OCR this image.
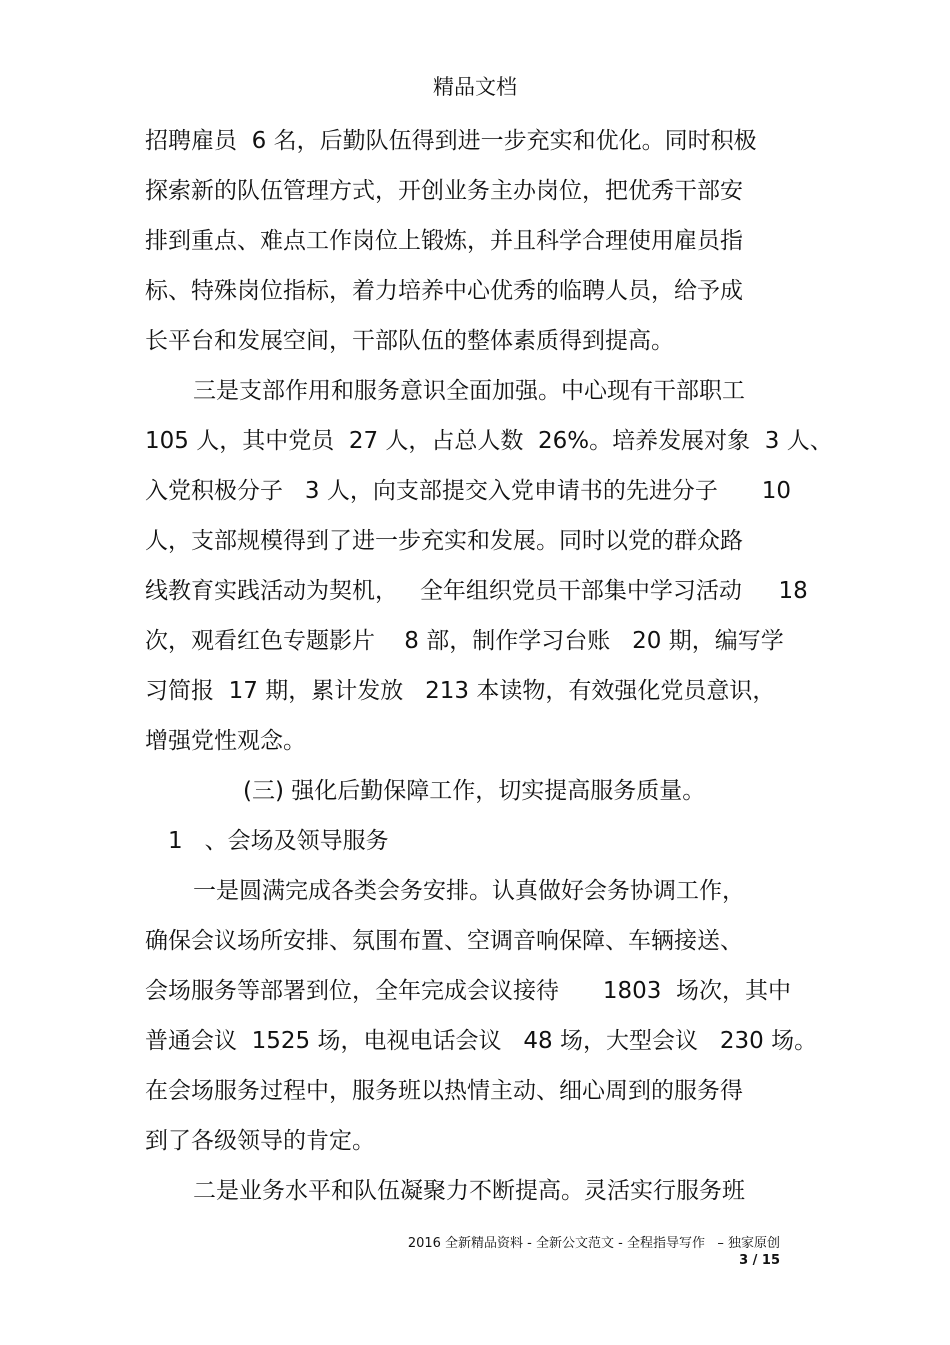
精品文档
招聘雇员  6 名，后勤队伍得到进一步充实和优化。同时积极
探索新的队伍管理方式，开创业务主办岗位，把优秀干部安
排到重点、难点工作岗位上锻炼，并且科学合理使用雇员指
标、特殊岗位指标，着力培养中心优秀的临聘人员，给予成
长平台和发展空间，干部队伍的整体素质得到提高。
三是支部作用和服务意识全面加强。中心现有干部职工
105 人，其中党员  27 人，占总人数  26%。培养发展对象  3 人、
入党积极分子   3 人，向支部提交入党申请书的先进分子      10
人，支部规模得到了进一步充实和发展。同时以党的群众路
线教育实践活动为契机，   全年组织党员干部集中学习活动     18
次，观看红色专题影片    8 部，制作学习台账   20 期，编写学
习简报  17 期，累计发放   213 本读物，有效强化党员意识，
增强党性观念。
(三) 强化后勤保障工作，切实提高服务质量。
1   、会场及领导服务
一是圆满完成各类会务安排。认真做好会务协调工作，
确保会议场所安排、氛围布置、空调音响保障、车辆接送、
会场服务等部署到位，全年完成会议接待      1803  场次，其中
普通会议  1525 场，电视电话会议   48 场，大型会议   230 场。
在会场服务过程中，服务班以热情主动、细心周到的服务得
到了各级领导的肯定。
二是业务水平和队伍凝聚力不断提高。灵活实行服务班
2016 全新精品资料 - 全新公文范文 - 全程指导写作   – 独家原创
3 / 15
